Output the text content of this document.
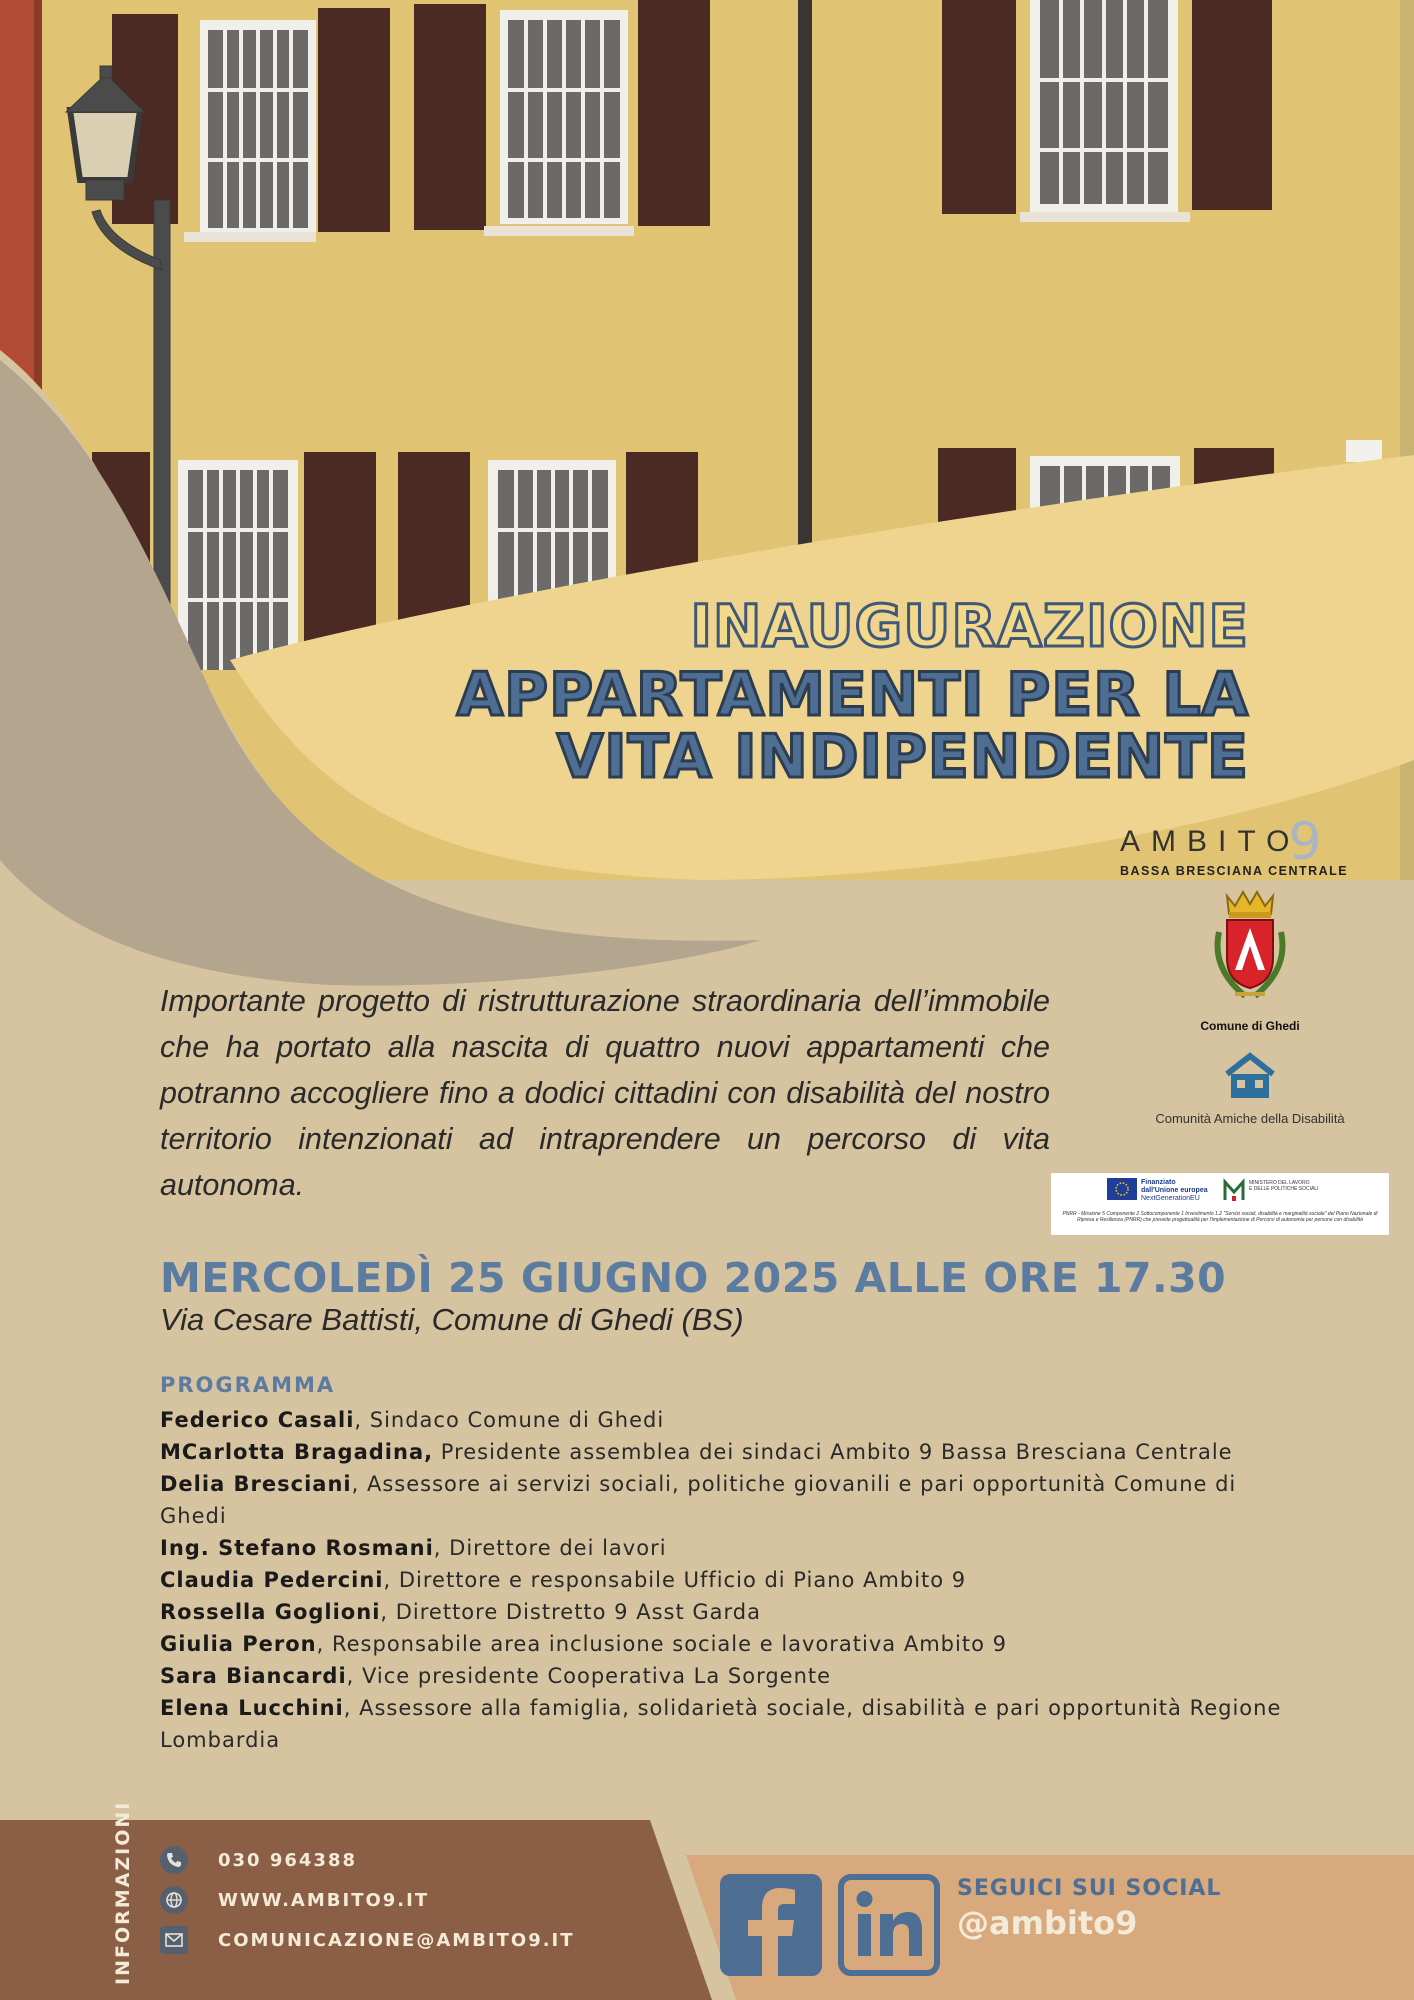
INAUGURAZIONE
APPARTAMENTI PER LA
VITA INDIPENDENTE
AMBITO
9
BASSA BRESCIANA CENTRALE
Comune di Ghedi
Comunità Amiche della Disabilità
Finanziato
dall'Unione europea
NextGenerationEU
MINISTERO DEL LAVORO
E DELLE POLITICHE SOCIALI
PNRR - Missione 5 Componente 2 Sottocomponente 1 Investimento 1.2 "Servizi sociali, disabilità e marginalità sociale" del Piano Nazionale di Ripresa e Resilienza (PNRR) che prevede progettualità per l'implementazione di Percorsi di autonomia per persone con disabilità
Importante progetto di ristrutturazione straordinaria dell’immobile che ha portato alla nascita di quattro nuovi appartamenti che potranno accogliere fino a dodici cittadini con disabilità del nostro territorio intenzionati ad intraprendere un percorso di vita autonoma.
MERCOLEDÌ 25 GIUGNO 2025 ALLE ORE 17.30
Via Cesare Battisti, Comune di Ghedi (BS)
PROGRAMMA
Federico Casali, Sindaco Comune di Ghedi
MCarlotta Bragadina, Presidente assemblea dei sindaci Ambito 9 Bassa Bresciana Centrale
Delia Bresciani, Assessore ai servizi sociali, politiche giovanili e pari opportunità Comune di Ghedi
Ing. Stefano Rosmani, Direttore dei lavori
Claudia Pedercini, Direttore e responsabile Ufficio di Piano Ambito 9
Rossella Goglioni, Direttore Distretto 9 Asst Garda
Giulia Peron, Responsabile area inclusione sociale e lavorativa Ambito 9
Sara Biancardi, Vice presidente Cooperativa La Sorgente
Elena Lucchini, Assessore alla famiglia, solidarietà sociale, disabilità e pari opportunità Regione Lombardia
INFORMAZIONI	030 964388
WWW.AMBITO9.IT
COMUNICAZIONE@AMBITO9.IT
SEGUICI SUI SOCIAL
@ambito9
